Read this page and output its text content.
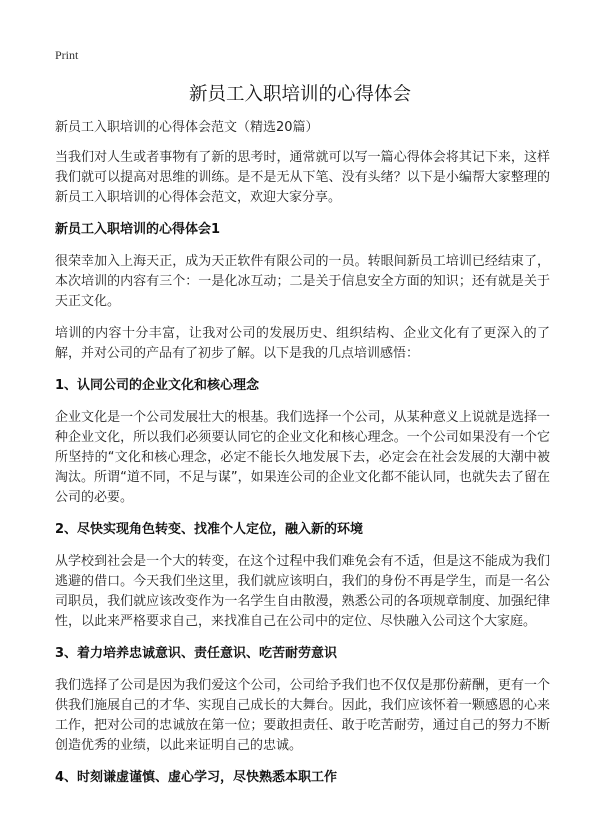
Print
新员工入职培训的心得体会

新员工入职培训的心得体会范文（精选20篇）

当我们对人生或者事物有了新的思考时，通常就可以写一篇心得体会将其记下来，这样我们就可以提高对思维的训练。是不是无从下笔、没有头绪？以下是小编帮大家整理的新员工入职培训的心得体会范文，欢迎大家分享。

新员工入职培训的心得体会1

很荣幸加入上海天正，成为天正软件有限公司的一员。转眼间新员工培训已经结束了，本次培训的内容有三个：一是化冰互动；二是关于信息安全方面的知识；还有就是关于天正文化。

培训的内容十分丰富，让我对公司的发展历史、组织结构、企业文化有了更深入的了解，并对公司的产品有了初步了解。以下是我的几点培训感悟：

1、认同公司的企业文化和核心理念

企业文化是一个公司发展壮大的根基。我们选择一个公司，从某种意义上说就是选择一种企业文化，所以我们必须要认同它的企业文化和核心理念。一个公司如果没有一个它所坚持的“文化和核心理念，必定不能长久地发展下去，必定会在社会发展的大潮中被淘汰。所谓“道不同，不足与谋”，如果连公司的企业文化都不能认同，也就失去了留在公司的必要。

2、尽快实现角色转变、找准个人定位，融入新的环境

从学校到社会是一个大的转变，在这个过程中我们难免会有不适，但是这不能成为我们逃避的借口。今天我们坐这里，我们就应该明白，我们的身份不再是学生，而是一名公司职员，我们就应该改变作为一名学生自由散漫，熟悉公司的各项规章制度、加强纪律性，以此来严格要求自己，来找准自己在公司中的定位、尽快融入公司这个大家庭。

3、着力培养忠诚意识、责任意识、吃苦耐劳意识

我们选择了公司是因为我们爱这个公司，公司给予我们也不仅仅是那份薪酬，更有一个供我们施展自己的才华、实现自己成长的大舞台。因此，我们应该怀着一颗感恩的心来工作，把对公司的忠诚放在第一位；要敢担责任、敢于吃苦耐劳，通过自己的努力不断创造优秀的业绩，以此来证明自己的忠诚。

4、时刻谦虚谨慎、虚心学习，尽快熟悉本职工作
